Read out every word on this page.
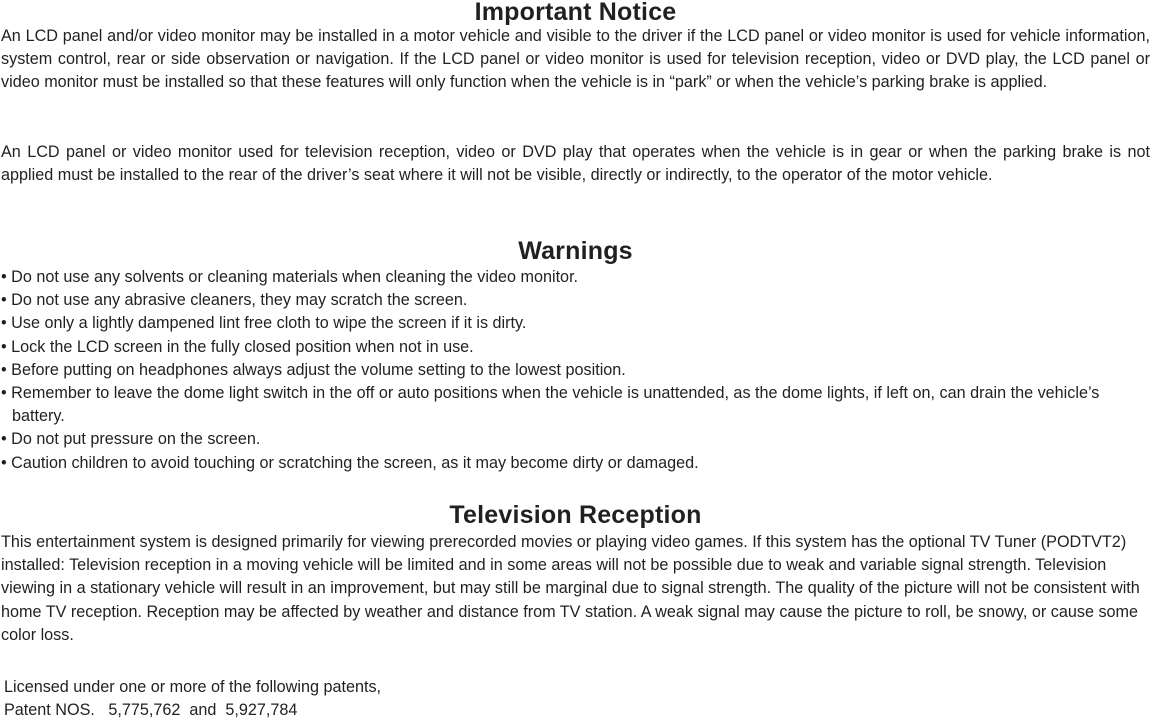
Important Notice

An LCD panel and/or video monitor may be installed in a motor vehicle and visible to the driver if the LCD panel or video monitor is used for vehicle information, system control, rear or side observation or navigation. If the LCD panel or video monitor is used for television reception, video or DVD play, the LCD panel or video monitor must be installed so that these features will only function when the vehicle is in “park” or when the vehicle’s parking brake is applied.

An LCD panel or video monitor used for television reception, video or DVD play that operates when the vehicle is in gear or when the parking brake is not applied must be installed to the rear of the driver’s seat where it will not be visible, directly or indirectly, to the operator of the motor vehicle.

Warnings
• Do not use any solvents or cleaning materials when cleaning the video monitor.
• Do not use any abrasive cleaners, they may scratch the screen.
• Use only a lightly dampened lint free cloth to wipe the screen if it is dirty.
• Lock the LCD screen in the fully closed position when not in use.
• Before putting on headphones always adjust the volume setting to the lowest position.
• Remember to leave the dome light switch in the off or auto positions when the vehicle is unattended, as the dome lights, if left on, can drain the vehicle’s battery.
• Do not put pressure on the screen.
• Caution children to avoid touching or scratching the screen, as it may become dirty or damaged.
Television Reception

This entertainment system is designed primarily for viewing prerecorded movies or playing video games. If this system has the optional TV Tuner (PODTVT2) installed: Television reception in a moving vehicle will be limited and in some areas will not be possible due to weak and variable signal strength. Television viewing in a stationary vehicle will result in an improvement, but may still be marginal due to signal strength. The quality of the picture will not be consistent with home TV reception. Reception may be affected by weather and distance from TV station. A weak signal may cause the picture to roll, be snowy, or cause some color loss.

Licensed under one or more of the following patents,

Patent NOS.   5,775,762  and  5,927,784
